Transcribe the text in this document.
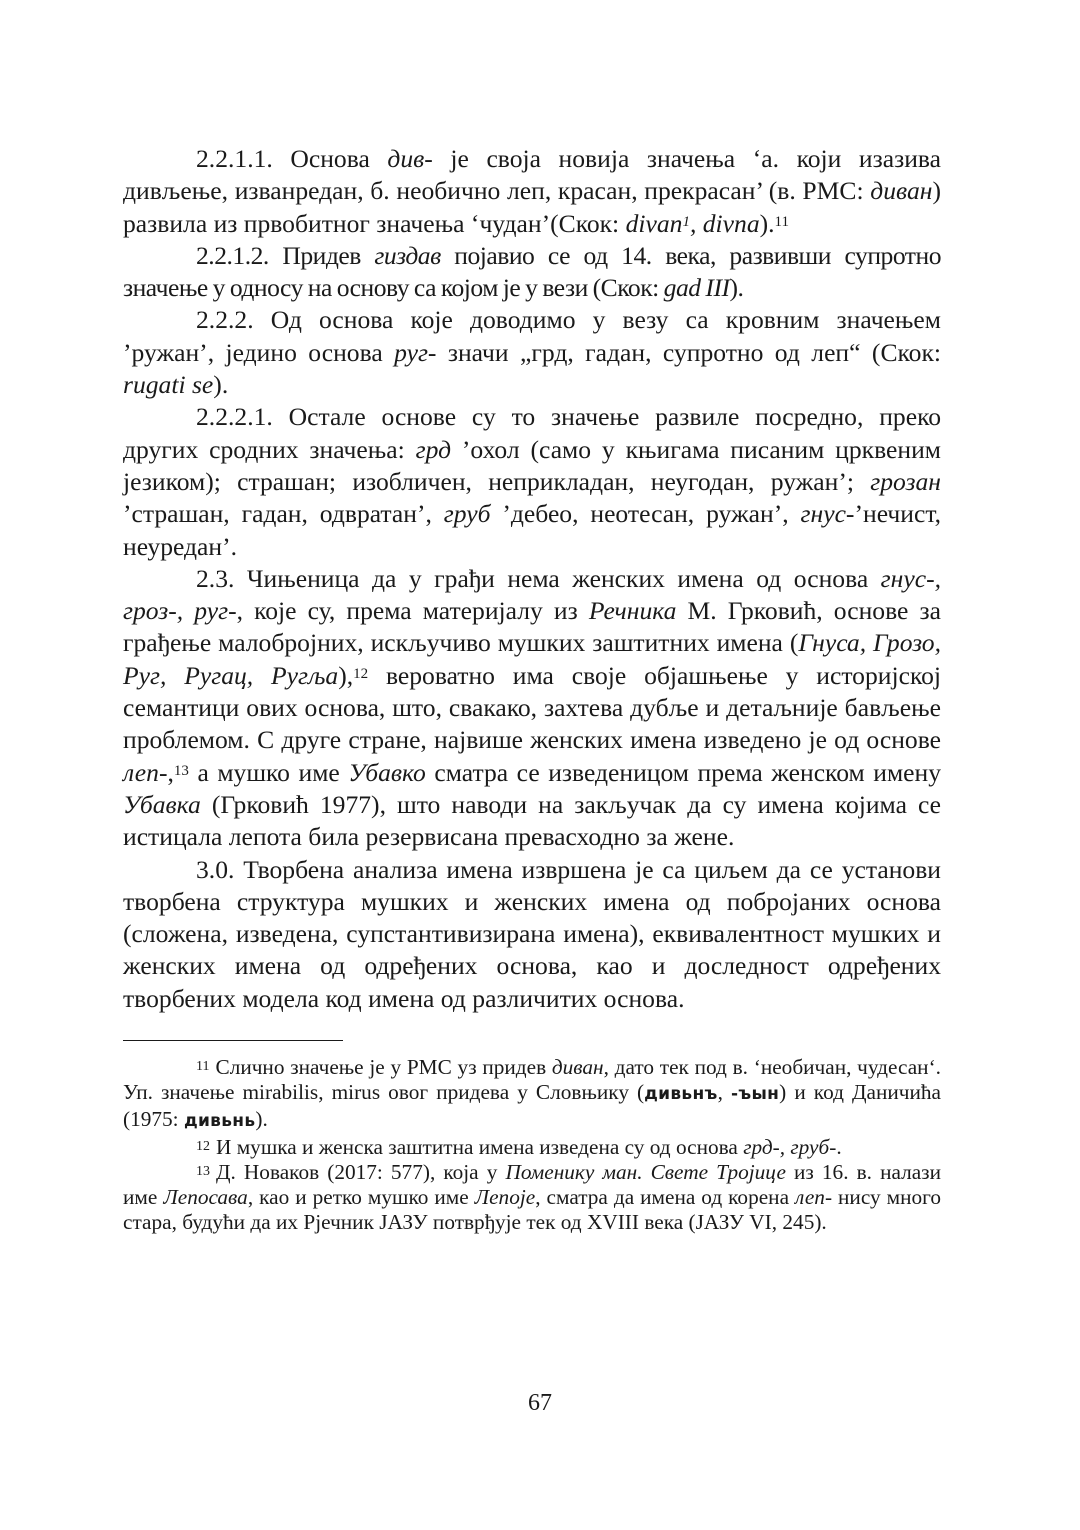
2.2.1.1. Основа див- је своја новија значења ‘а. који изазива дивљење, изванредан, б. необично леп, красан, прекрасан’ (в. РМС: диван) развила из првобитног значења ‘чудан’(Скок: divan$^1$, divna).$^{11}$

2.2.1.2. Придев гиздав појавио се од 14. века, развивши супротно значење у односу на основу са којом је у вези (Скок: gad III).

2.2.2. Од основа које доводимо у везу са кровним значењем ’ружан’, једино основа руг- значи „грд, гадан, супротно од леп“ (Скок: rugati se).

2.2.2.1. Остале основе су то значење развиле посредно, преко других сродних значења: грд ’охол (само у књигама писаним црквеним језиком); страшан; изобличен, неприкладан, неугодан, ружан’; грозан ’страшан, гадан, одвратан’, груб ’дебео, неотесан, ружан’, гнус-’нечист, неуредан’.

2.3. Чињеница да у грађи нема женских имена од основа гнус-, гроз-, руг-, које су, према материјалу из Речника М. Грковић, основе за грађење малобројних, искључиво мушких заштитних имена (Гнуса, Грозо, Руг, Ругац, Ругља),$^{12}$ вероватно има своје објашњење у историјској семантици ових основа, што, свакако, захтева дубље и детаљније бављење проблемом. С друге стране, највише женских имена изведено је од основе леп-,$^{13}$ а мушко име Убавко сматра се изведеницом према женском имену Убавка (Грковић 1977), што наводи на закључак да су имена којима се истицала лепота била резервисана превасходно за жене.

3.0. Творбена анализа имена извршена је са циљем да се установи творбена структура мушких и женских имена од побројаних основа (сложена, изведена, супстантивизирана имена), еквивалентност мушких и женских имена од одређених основа, као и доследност одређених творбених модела код имена од различитих основа.

$^{11}$ Слично значење је у РМС уз придев диван, дато тек под в. ‘необичан, чудесан‘. Уп. значење mirabilis, mirus овог придева у Словњику (дивьнъ, -ъын) и код Даничића (1975: дивьнь).

$^{12}$ И мушка и женска заштитна имена изведена су од основа грд-, груб-.

$^{13}$ Д. Новаков (2017: 577), која у Поменику ман. Свете Тројице из 16. в. налази име Лепосава, као и ретко мушко име Лепоје, сматра да имена од корена леп- нису много стара, будући да их Рјечник ЈАЗУ потврђује тек од XVIII века (ЈАЗУ VI, 245).

67
